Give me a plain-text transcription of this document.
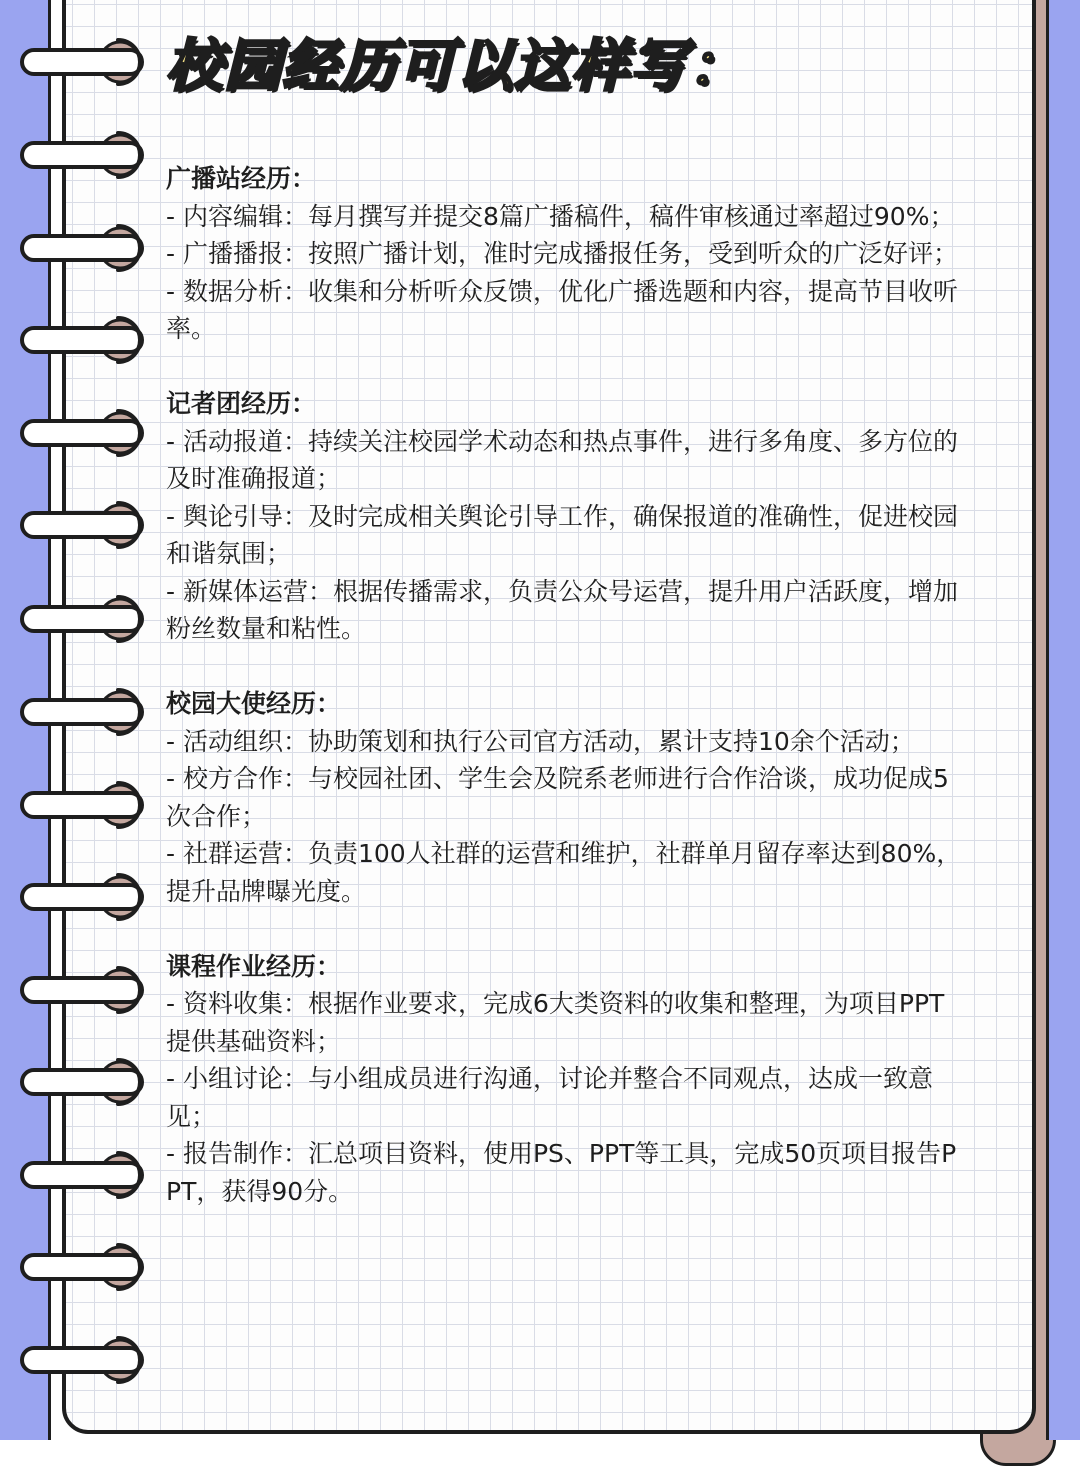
校园经历可以这样写：
广播站经历：
- 内容编辑：每月撰写并提交8篇广播稿件，稿件审核通过率超过90%；
- 广播播报：按照广播计划，准时完成播报任务，受到听众的广泛好评；
- 数据分析：收集和分析听众反馈，优化广播选题和内容，提高节目收听率。
记者团经历：
- 活动报道：持续关注校园学术动态和热点事件，进行多角度、多方位的及时准确报道；
- 舆论引导：及时完成相关舆论引导工作，确保报道的准确性，促进校园和谐氛围；
- 新媒体运营：根据传播需求，负责公众号运营，提升用户活跃度，增加粉丝数量和粘性。
校园大使经历：
- 活动组织：协助策划和执行公司官方活动，累计支持10余个活动；
- 校方合作：与校园社团、学生会及院系老师进行合作洽谈，成功促成5次合作；
- 社群运营：负责100人社群的运营和维护，社群单月留存率达到80%，提升品牌曝光度。
课程作业经历：
- 资料收集：根据作业要求，完成6大类资料的收集和整理，为项目PPT提供基础资料；
- 小组讨论：与小组成员进行沟通，讨论并整合不同观点，达成一致意见；
- 报告制作：汇总项目资料，使用PS、PPT等工具，完成50页项目报告PPT，获得90分。
